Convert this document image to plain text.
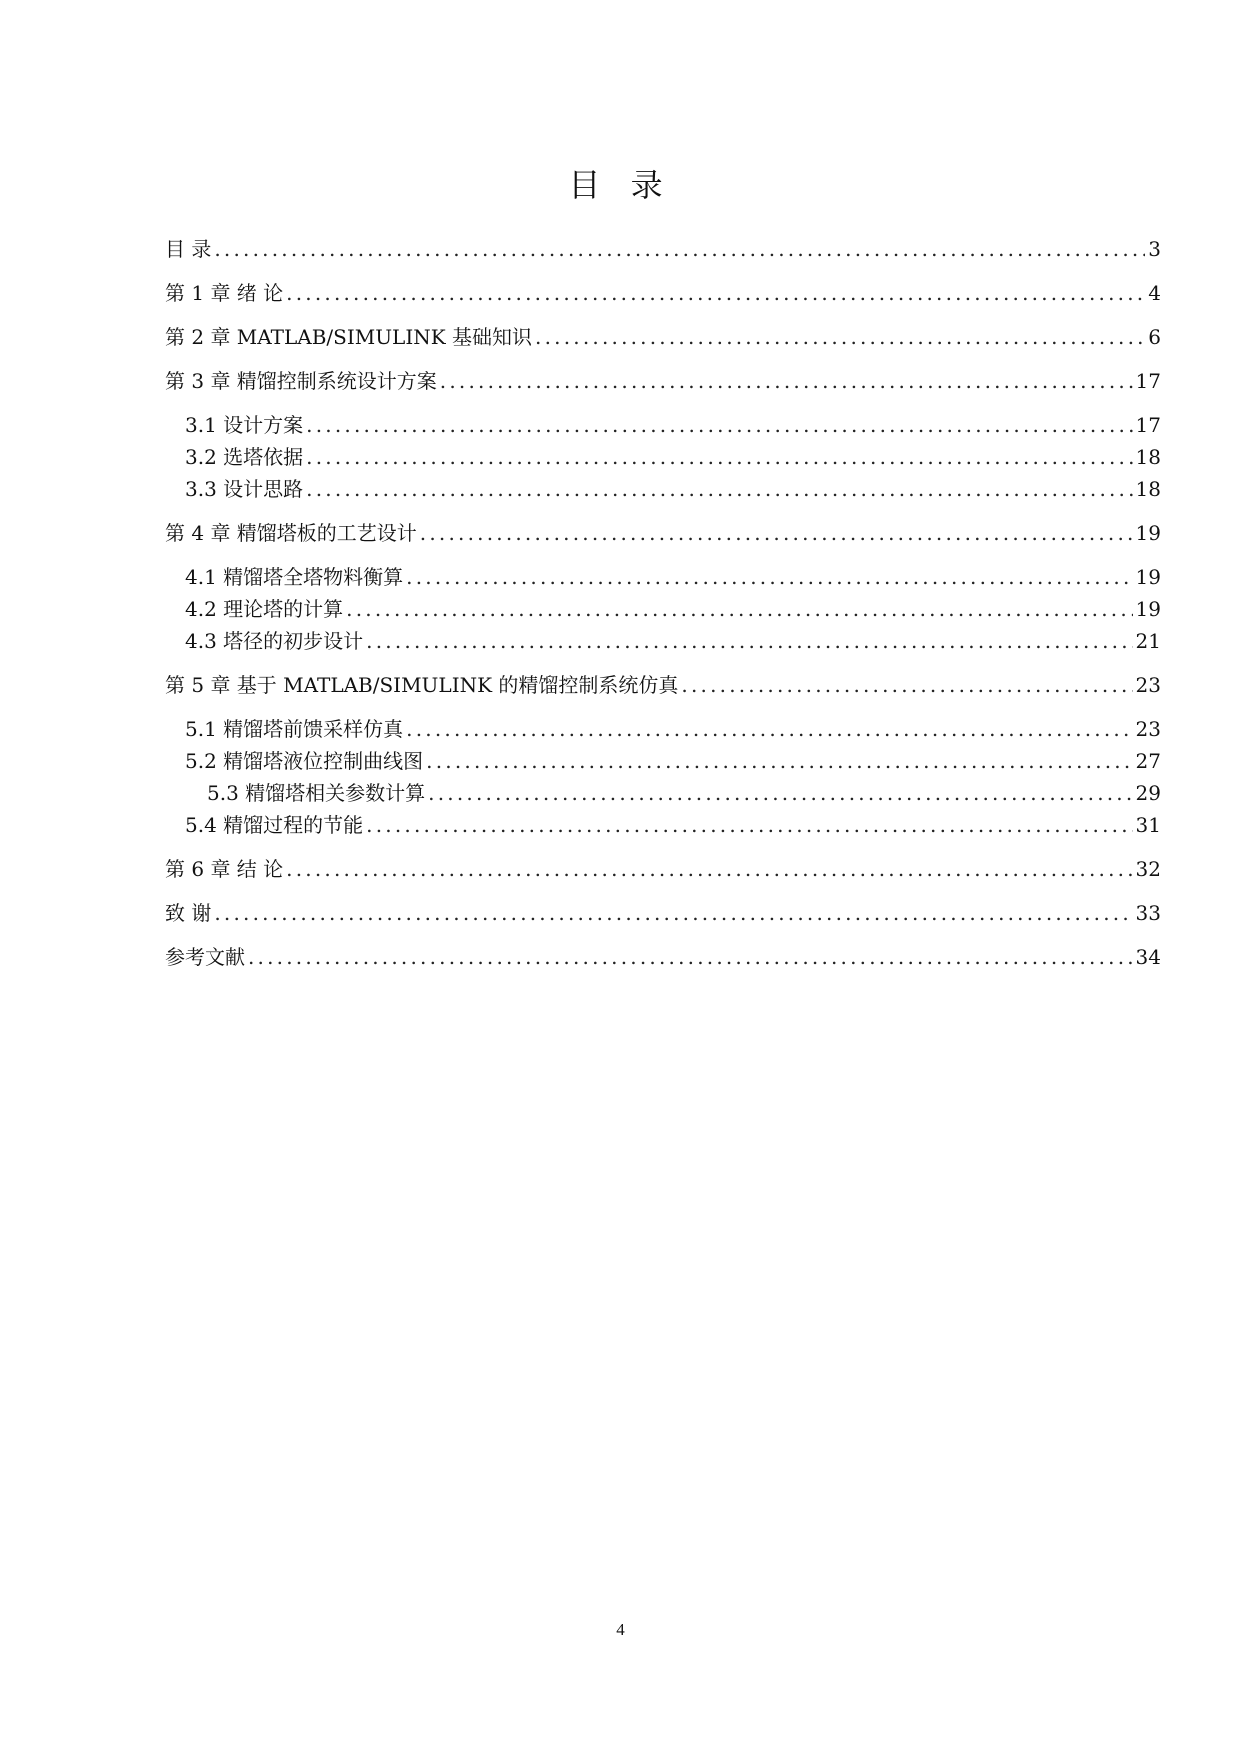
目 录
目 录 .....	3
第 1 章 绪 论 .....	4
第 2 章 MATLAB/SIMULINK 基础知识 .....	6
第 3 章 精馏控制系统设计方案 .....	17
3.1 设计方案 .....	17
3.2 选塔依据 .....	18
3.3 设计思路 .....	18
第 4 章 精馏塔板的工艺设计 .....	19
4.1 精馏塔全塔物料衡算 .....	19
4.2 理论塔的计算 .....	19
4.3 塔径的初步设计 .....	21
第 5 章 基于 MATLAB/SIMULINK 的精馏控制系统仿真 .....	23
5.1 精馏塔前馈采样仿真 .....	23
5.2 精馏塔液位控制曲线图 .....	27
5.3 精馏塔相关参数计算 .....	29
5.4 精馏过程的节能 .....	31
第 6 章 结 论 .....	32
致 谢 .....	33
参考文献 .....	34
4
